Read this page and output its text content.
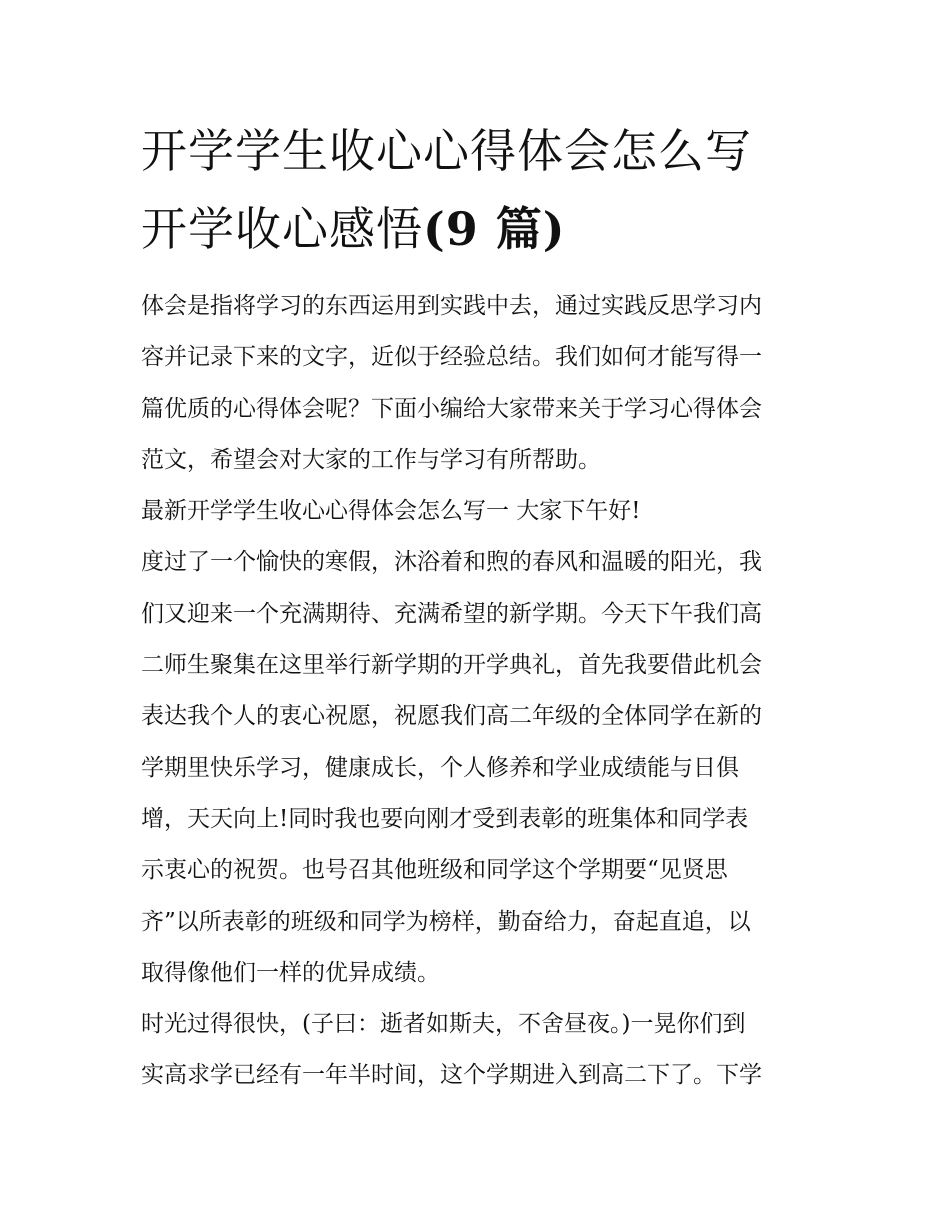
开学学生收心心得体会怎么写
开学收心感悟(9 篇)

体会是指将学习的东西运用到实践中去，通过实践反思学习内
容并记录下来的文字，近似于经验总结。我们如何才能写得一
篇优质的心得体会呢？下面小编给大家带来关于学习心得体会
范文，希望会对大家的工作与学习有所帮助。

最新开学学生收心心得体会怎么写一 大家下午好!

度过了一个愉快的寒假，沐浴着和煦的春风和温暖的阳光，我
们又迎来一个充满期待、充满希望的新学期。今天下午我们高
二师生聚集在这里举行新学期的开学典礼，首先我要借此机会
表达我个人的衷心祝愿，祝愿我们高二年级的全体同学在新的
学期里快乐学习，健康成长，个人修养和学业成绩能与日俱
增，天天向上!同时我也要向刚才受到表彰的班集体和同学表
示衷心的祝贺。也号召其他班级和同学这个学期要“见贤思
齐”以所表彰的班级和同学为榜样，勤奋给力，奋起直追，以
取得像他们一样的优异成绩。

时光过得很快，(子曰：逝者如斯夫，不舍昼夜。)一晃你们到
实高求学已经有一年半时间，这个学期进入到高二下了。下学
